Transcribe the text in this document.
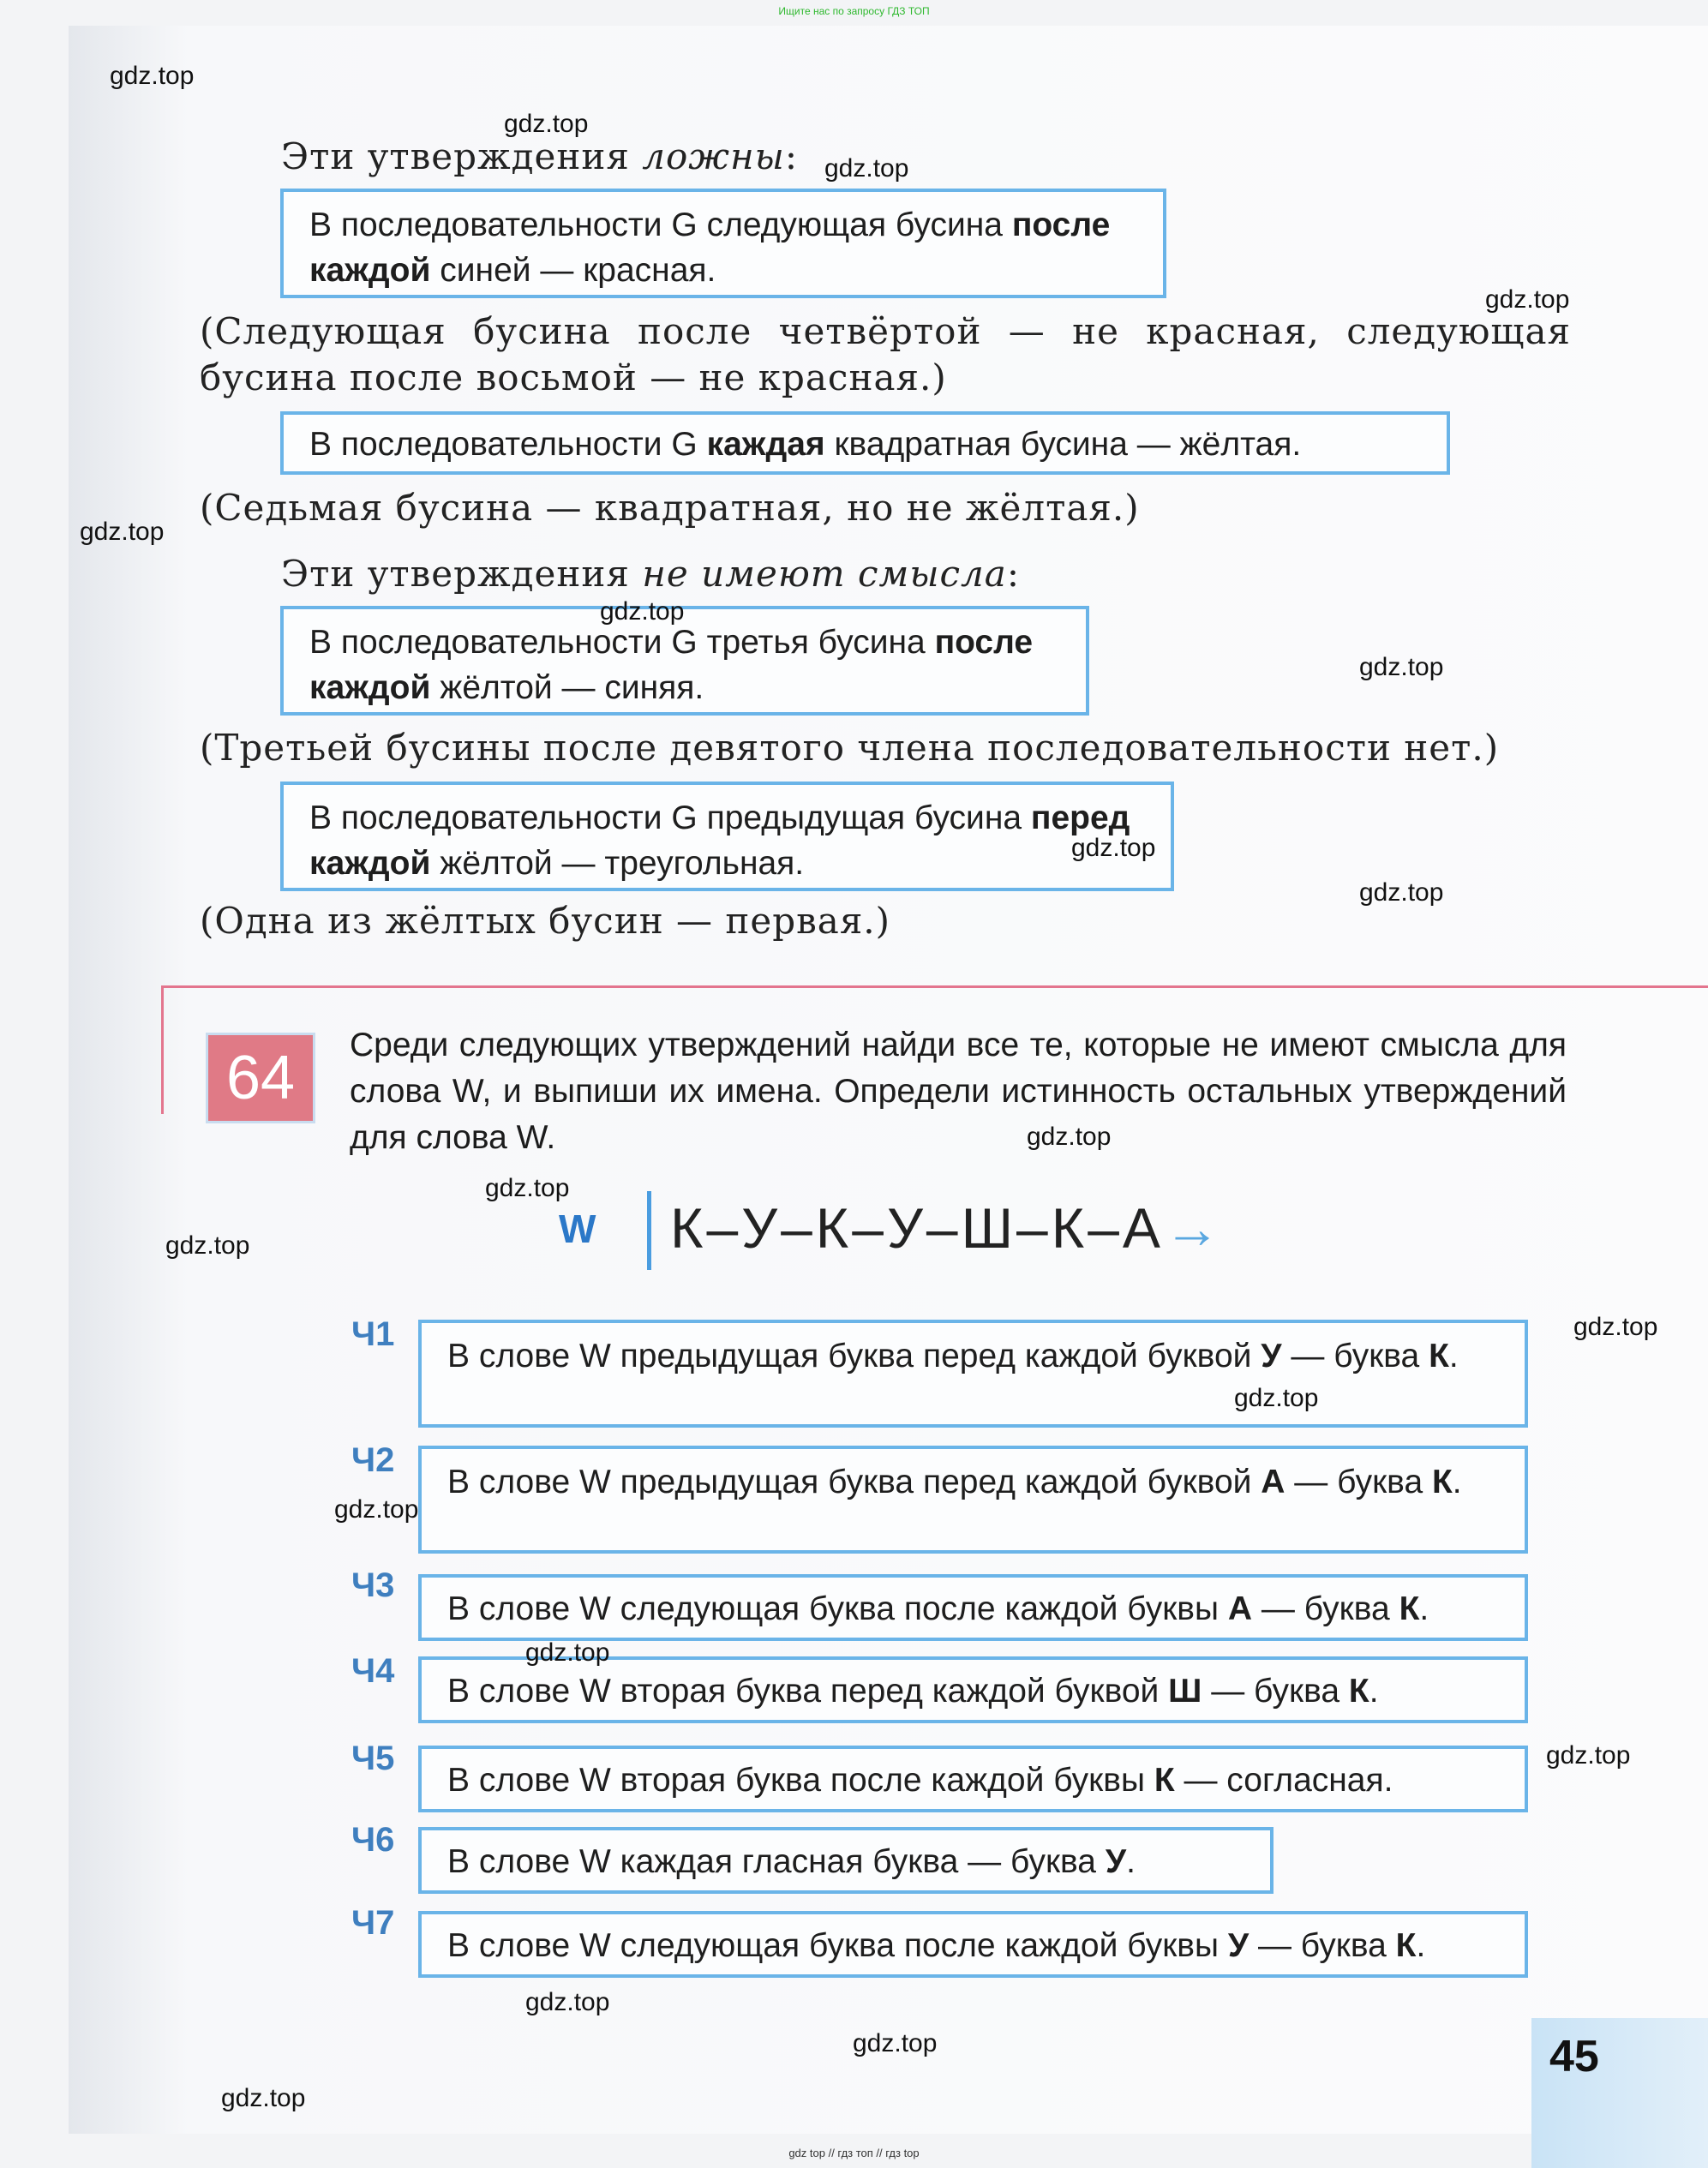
Ищите нас по запросу ГДЗ ТОП
Эти утверждения ложны:
В последовательности G следующая бусина после каждой синей — красная.
(Следующая бусина после четвёртой — не красная, следующая бусина после восьмой — не красная.)
В последовательности G каждая квадратная бусина — жёлтая.
(Седьмая бусина — квадратная, но не жёлтая.)
Эти утверждения не имеют смысла:
В последовательности G третья бусина после каждой жёлтой — синяя.
(Третьей бусины после девятого члена последовательности нет.)
В последовательности G предыдущая бусина перед каждой жёлтой — треугольная.
(Одна из жёлтых бусин — первая.)
64	Среди следующих утверждений найди все те, которые не имеют смысла для слова W, и выпиши их имена. Определи истинность остальных утверждений для слова W.
W К–У–К–У–Ш–К–А→
Ч1
В слове W предыдущая буква перед каждой буквой У — буква К.
Ч2
В слове W предыдущая буква перед каждой буквой А — буква К.
Ч3
В слове W следующая буква после каждой буквы А — буква К.
Ч4
В слове W вторая буква перед каждой буквой Ш — буква К.
Ч5
В слове W вторая буква после каждой буквы К — согласная.
Ч6
В слове W каждая гласная буква — буква У.
Ч7
В слове W следующая буква после каждой буквы У — буква К.
45
gdz.top
gdz.top
gdz.top
gdz.top
gdz.top
gdz.top
gdz.top
gdz.top
gdz.top
gdz.top
gdz.top
gdz.top
gdz.top
gdz.top
gdz.top
gdz.top
gdz.top
gdz.top
gdz.top
gdz.top
gdz top // гдз топ // гдз top
